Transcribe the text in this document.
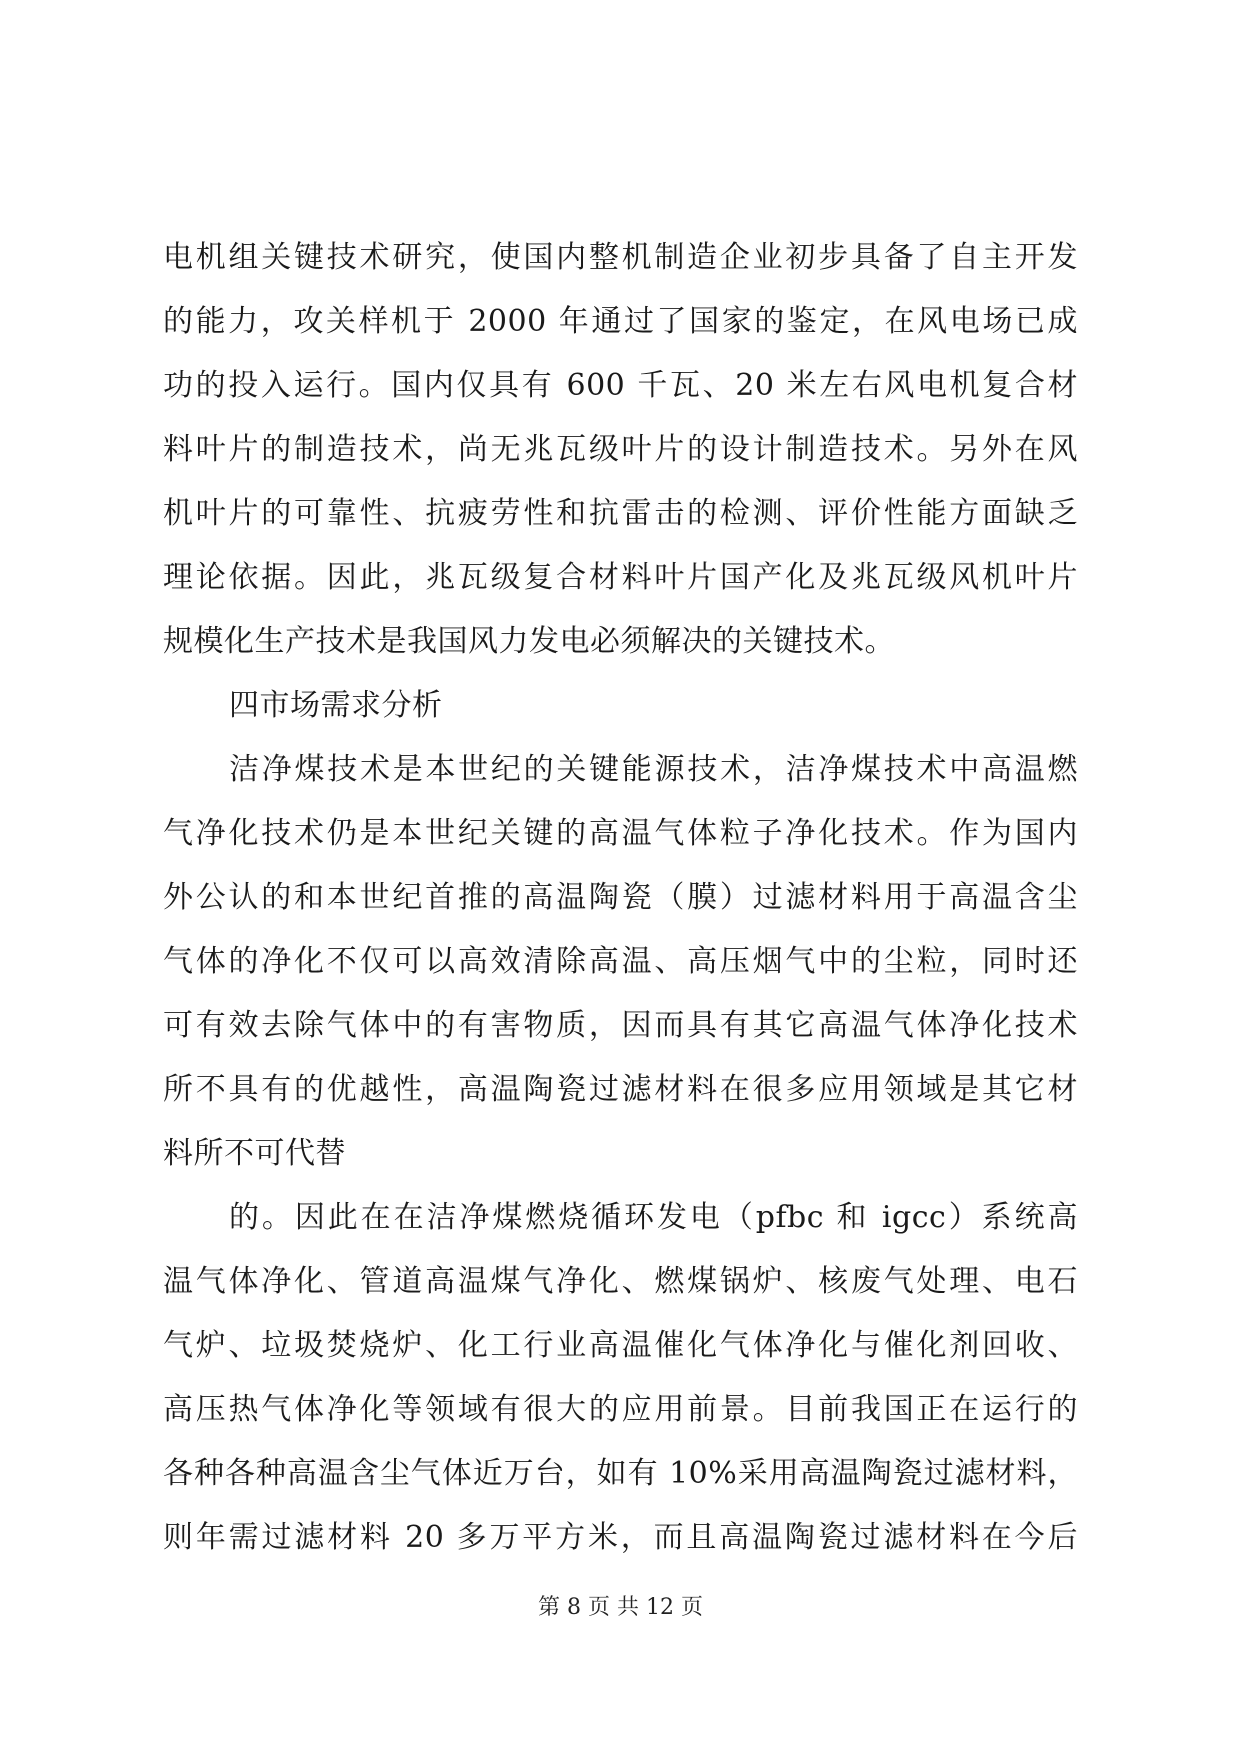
电机组关键技术研究，使国内整机制造企业初步具备了自主开发
的能力，攻关样机于 2000 年通过了国家的鉴定，在风电场已成
功的投入运行。国内仅具有 600 千瓦、20 米左右风电机复合材
料叶片的制造技术，尚无兆瓦级叶片的设计制造技术。另外在风
机叶片的可靠性、抗疲劳性和抗雷击的检测、评价性能方面缺乏
理论依据。因此，兆瓦级复合材料叶片国产化及兆瓦级风机叶片
规模化生产技术是我国风力发电必须解决的关键技术。
四市场需求分析
洁净煤技术是本世纪的关键能源技术，洁净煤技术中高温燃
气净化技术仍是本世纪关键的高温气体粒子净化技术。作为国内
外公认的和本世纪首推的高温陶瓷（膜）过滤材料用于高温含尘
气体的净化不仅可以高效清除高温、高压烟气中的尘粒，同时还
可有效去除气体中的有害物质，因而具有其它高温气体净化技术
所不具有的优越性，高温陶瓷过滤材料在很多应用领域是其它材
料所不可代替
的。因此在在洁净煤燃烧循环发电（pfbc 和 igcc）系统高
温气体净化、管道高温煤气净化、燃煤锅炉、核废气处理、电石
气炉、垃圾焚烧炉、化工行业高温催化气体净化与催化剂回收、
高压热气体净化等领域有很大的应用前景。目前我国正在运行的
各种各种高温含尘气体近万台，如有 10%采用高温陶瓷过滤材料，
则年需过滤材料 20 多万平方米，而且高温陶瓷过滤材料在今后
第 8 页 共 12 页
